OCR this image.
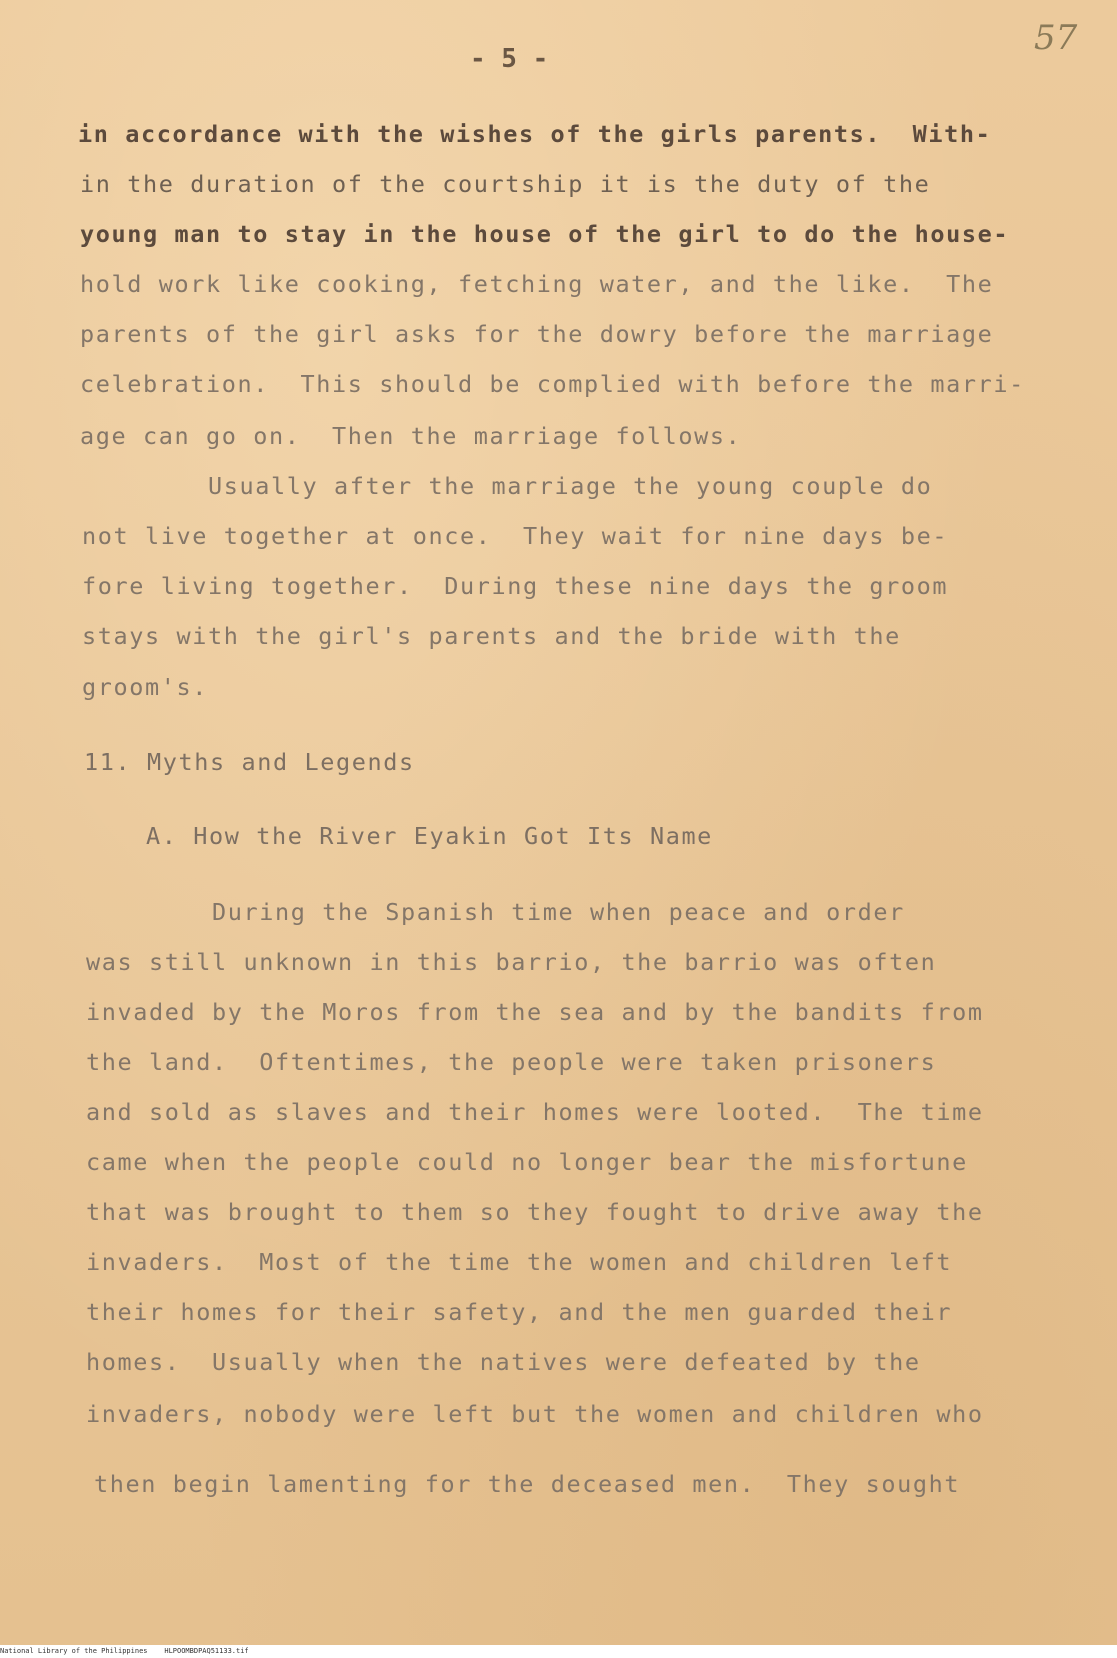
- 5 -
57
in accordance with the wishes of the girls parents.  With-
in the duration of the courtship it is the duty of the
young man to stay in the house of the girl to do the house-
hold work like cooking, fetching water, and the like.  The
parents of the girl asks for the dowry before the marriage
celebration.  This should be complied with before the marri-
age can go on.  Then the marriage follows.
Usually after the marriage the young couple do
not live together at once.  They wait for nine days be-
fore living together.  During these nine days the groom
stays with the girl's parents and the bride with the
groom's.
11. Myths and Legends
A. How the River Eyakin Got Its Name
During the Spanish time when peace and order
was still unknown in this barrio, the barrio was often
invaded by the Moros from the sea and by the bandits from
the land.  Oftentimes, the people were taken prisoners
and sold as slaves and their homes were looted.  The time
came when the people could no longer bear the misfortune
that was brought to them so they fought to drive away the
invaders.  Most of the time the women and children left
their homes for their safety, and the men guarded their
homes.  Usually when the natives were defeated by the
invaders, nobody were left but the women and children who
then begin lamenting for the deceased men.  They sought
National Library of the Philippines    HLPOOMBDPAQ51133.tif
